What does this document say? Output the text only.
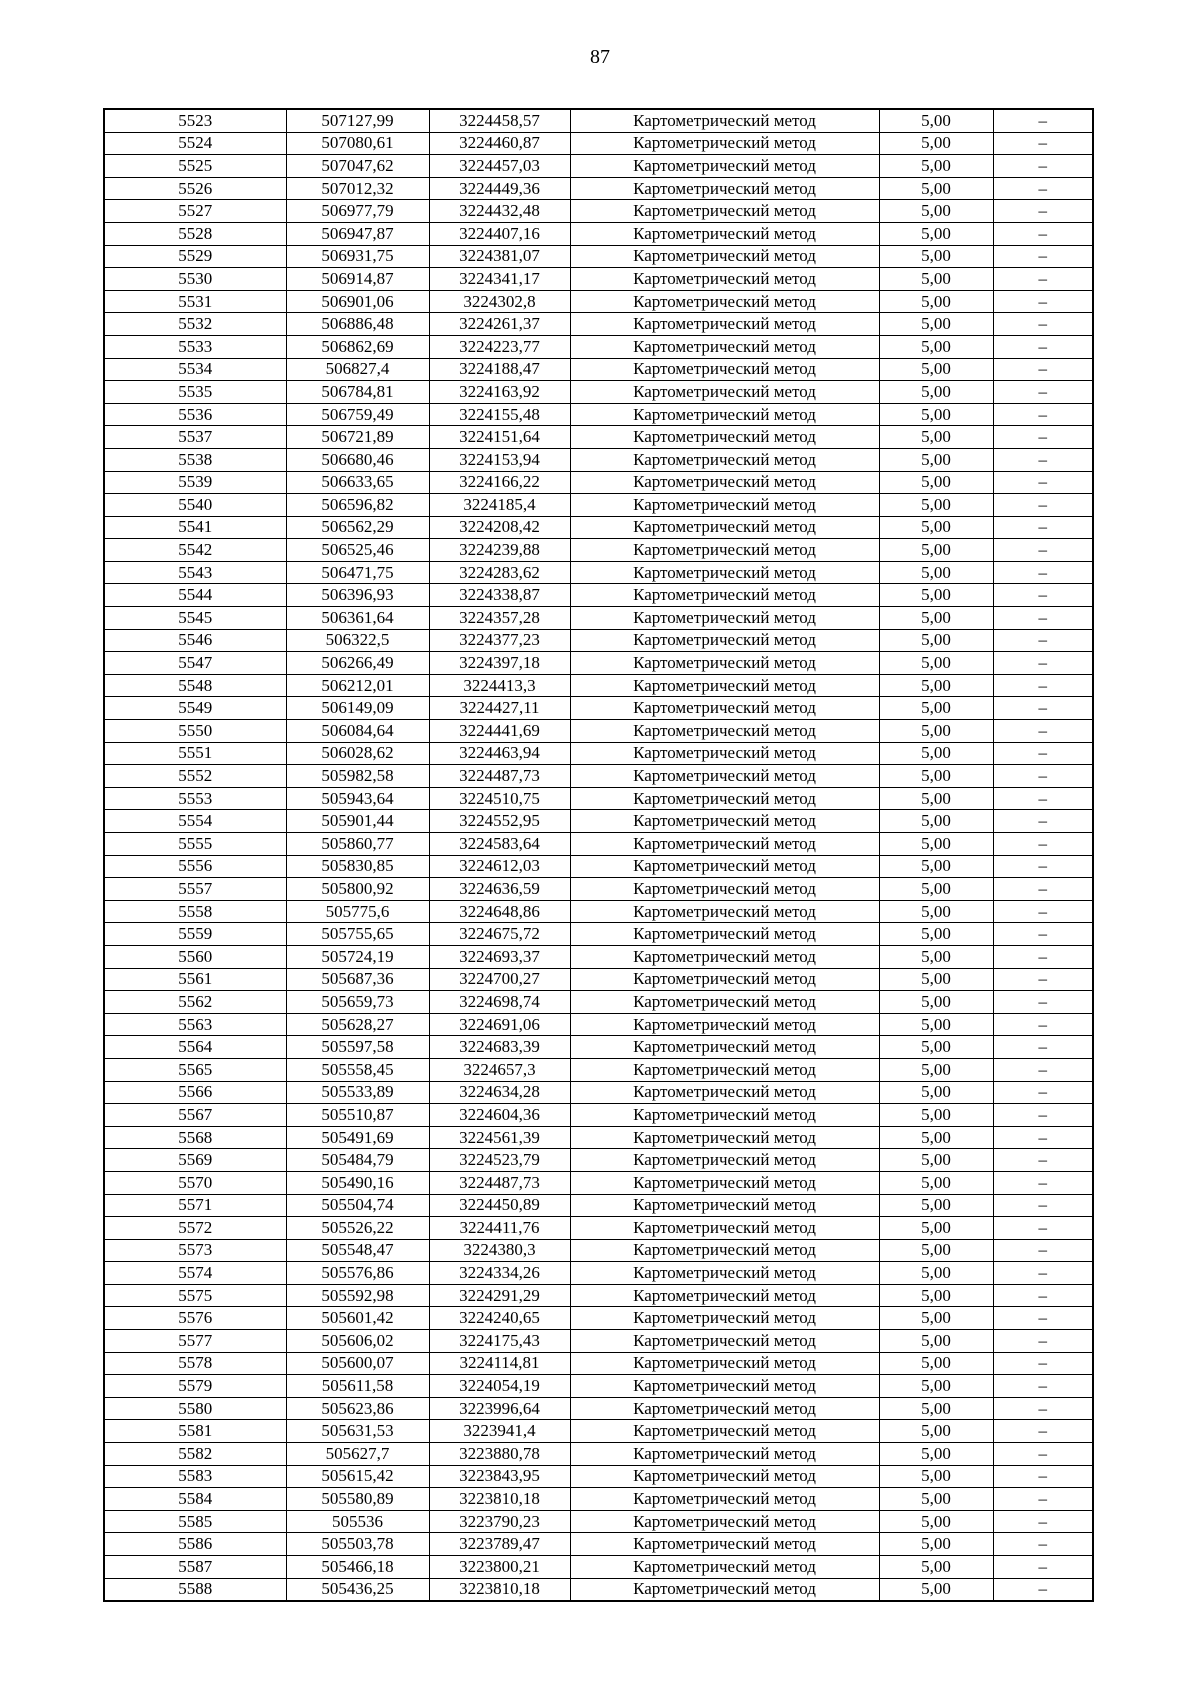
87
5523	507127,99	3224458,57	Картометрический метод	5,00	–
5524	507080,61	3224460,87	Картометрический метод	5,00	–
5525	507047,62	3224457,03	Картометрический метод	5,00	–
5526	507012,32	3224449,36	Картометрический метод	5,00	–
5527	506977,79	3224432,48	Картометрический метод	5,00	–
5528	506947,87	3224407,16	Картометрический метод	5,00	–
5529	506931,75	3224381,07	Картометрический метод	5,00	–
5530	506914,87	3224341,17	Картометрический метод	5,00	–
5531	506901,06	3224302,8	Картометрический метод	5,00	–
5532	506886,48	3224261,37	Картометрический метод	5,00	–
5533	506862,69	3224223,77	Картометрический метод	5,00	–
5534	506827,4	3224188,47	Картометрический метод	5,00	–
5535	506784,81	3224163,92	Картометрический метод	5,00	–
5536	506759,49	3224155,48	Картометрический метод	5,00	–
5537	506721,89	3224151,64	Картометрический метод	5,00	–
5538	506680,46	3224153,94	Картометрический метод	5,00	–
5539	506633,65	3224166,22	Картометрический метод	5,00	–
5540	506596,82	3224185,4	Картометрический метод	5,00	–
5541	506562,29	3224208,42	Картометрический метод	5,00	–
5542	506525,46	3224239,88	Картометрический метод	5,00	–
5543	506471,75	3224283,62	Картометрический метод	5,00	–
5544	506396,93	3224338,87	Картометрический метод	5,00	–
5545	506361,64	3224357,28	Картометрический метод	5,00	–
5546	506322,5	3224377,23	Картометрический метод	5,00	–
5547	506266,49	3224397,18	Картометрический метод	5,00	–
5548	506212,01	3224413,3	Картометрический метод	5,00	–
5549	506149,09	3224427,11	Картометрический метод	5,00	–
5550	506084,64	3224441,69	Картометрический метод	5,00	–
5551	506028,62	3224463,94	Картометрический метод	5,00	–
5552	505982,58	3224487,73	Картометрический метод	5,00	–
5553	505943,64	3224510,75	Картометрический метод	5,00	–
5554	505901,44	3224552,95	Картометрический метод	5,00	–
5555	505860,77	3224583,64	Картометрический метод	5,00	–
5556	505830,85	3224612,03	Картометрический метод	5,00	–
5557	505800,92	3224636,59	Картометрический метод	5,00	–
5558	505775,6	3224648,86	Картометрический метод	5,00	–
5559	505755,65	3224675,72	Картометрический метод	5,00	–
5560	505724,19	3224693,37	Картометрический метод	5,00	–
5561	505687,36	3224700,27	Картометрический метод	5,00	–
5562	505659,73	3224698,74	Картометрический метод	5,00	–
5563	505628,27	3224691,06	Картометрический метод	5,00	–
5564	505597,58	3224683,39	Картометрический метод	5,00	–
5565	505558,45	3224657,3	Картометрический метод	5,00	–
5566	505533,89	3224634,28	Картометрический метод	5,00	–
5567	505510,87	3224604,36	Картометрический метод	5,00	–
5568	505491,69	3224561,39	Картометрический метод	5,00	–
5569	505484,79	3224523,79	Картометрический метод	5,00	–
5570	505490,16	3224487,73	Картометрический метод	5,00	–
5571	505504,74	3224450,89	Картометрический метод	5,00	–
5572	505526,22	3224411,76	Картометрический метод	5,00	–
5573	505548,47	3224380,3	Картометрический метод	5,00	–
5574	505576,86	3224334,26	Картометрический метод	5,00	–
5575	505592,98	3224291,29	Картометрический метод	5,00	–
5576	505601,42	3224240,65	Картометрический метод	5,00	–
5577	505606,02	3224175,43	Картометрический метод	5,00	–
5578	505600,07	3224114,81	Картометрический метод	5,00	–
5579	505611,58	3224054,19	Картометрический метод	5,00	–
5580	505623,86	3223996,64	Картометрический метод	5,00	–
5581	505631,53	3223941,4	Картометрический метод	5,00	–
5582	505627,7	3223880,78	Картометрический метод	5,00	–
5583	505615,42	3223843,95	Картометрический метод	5,00	–
5584	505580,89	3223810,18	Картометрический метод	5,00	–
5585	505536	3223790,23	Картометрический метод	5,00	–
5586	505503,78	3223789,47	Картометрический метод	5,00	–
5587	505466,18	3223800,21	Картометрический метод	5,00	–
5588	505436,25	3223810,18	Картометрический метод	5,00	–
